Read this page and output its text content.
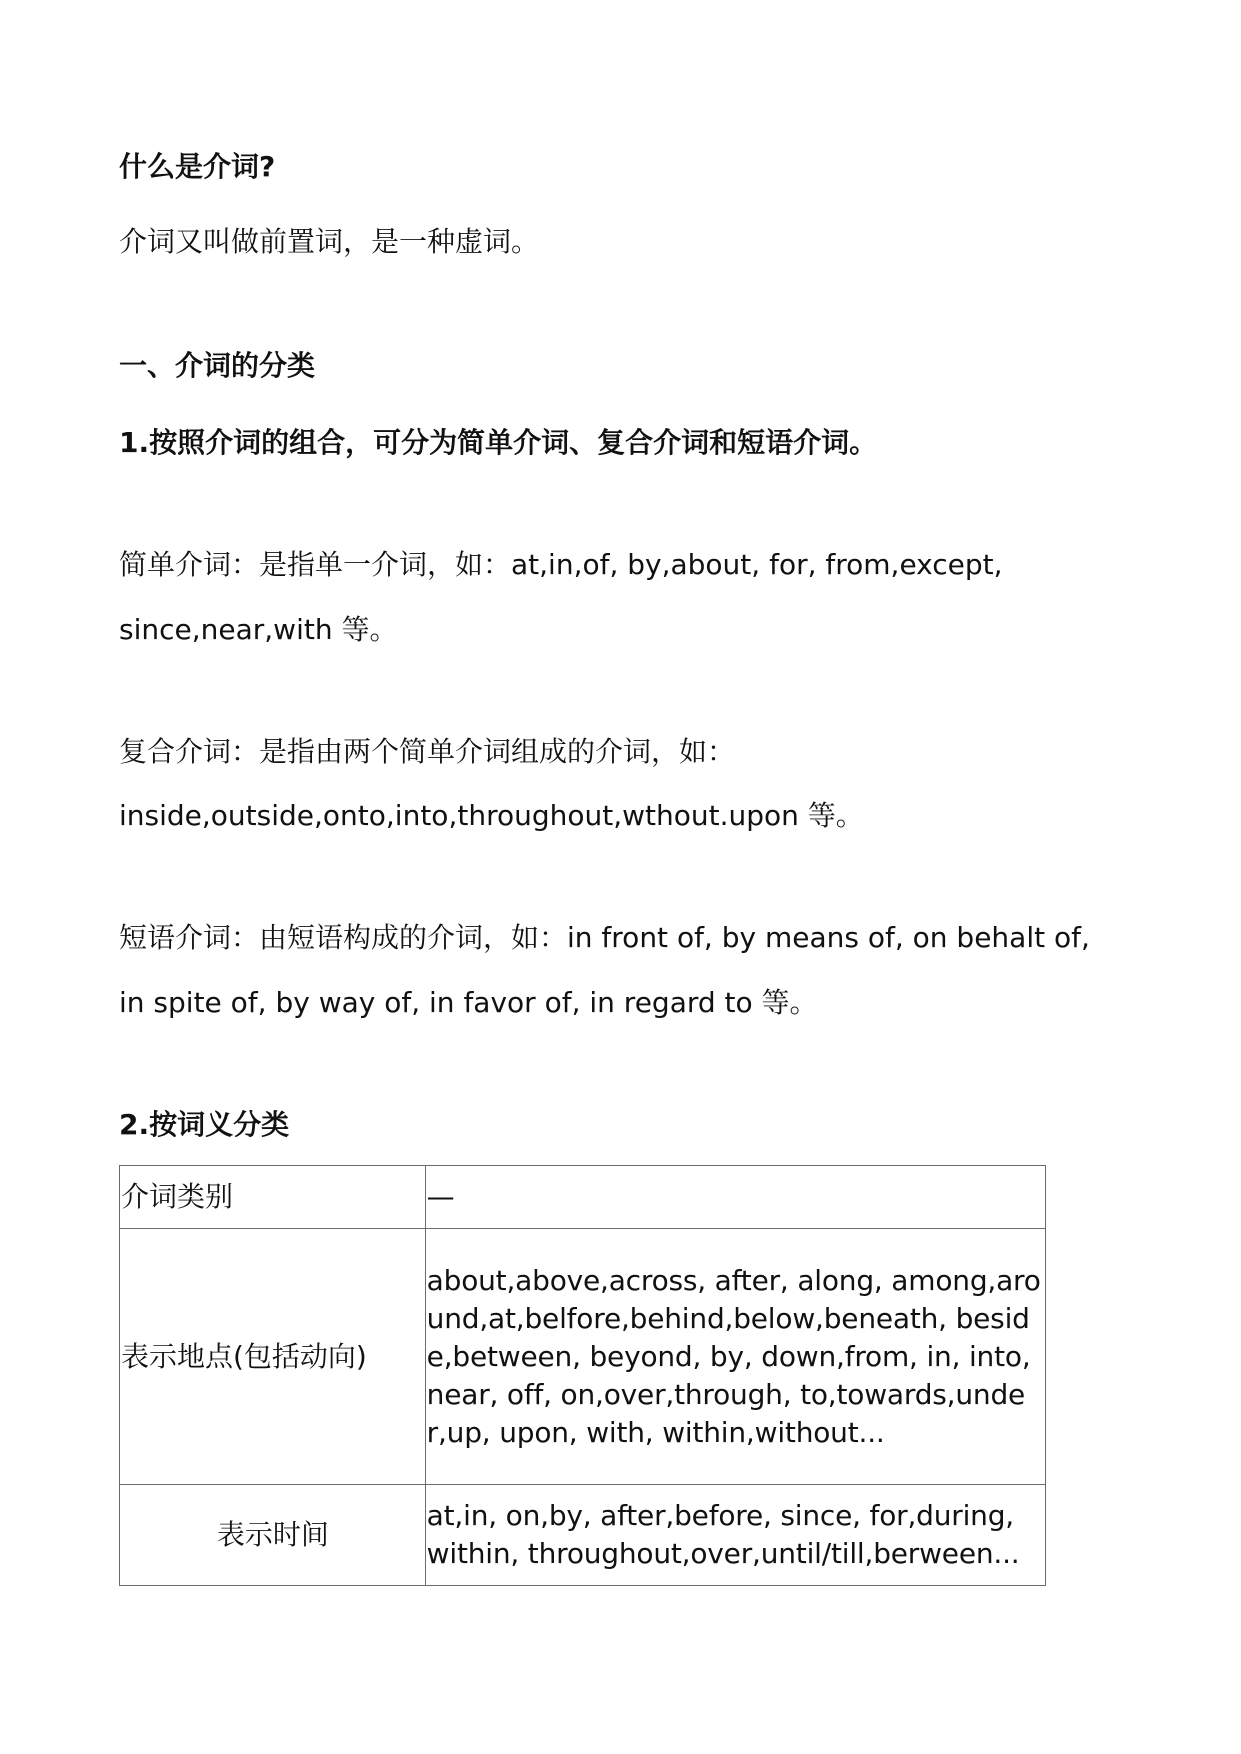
什么是介词?
介词又叫做前置词，是一种虚词。
一、介词的分类
1.按照介词的组合，可分为简单介词、复合介词和短语介词。
简单介词：是指单一介词，如：at,in,of, by,about, for, from,except,
since,near,with 等。
复合介词：是指由两个简单介词组成的介词，如：
inside,outside,onto,into,throughout,wthout.upon 等。
短语介词：由短语构成的介词，如：in front of, by means of, on behalt of,
in spite of, by way of, in favor of, in regard to 等。
2.按词义分类
介词类别	—
表示地点(包括动向)	about,above,across, after, along, among,around,at,belfore,behind,below,beneath, beside,between, beyond, by, down,from, in, into, near, off, on,over,through, to,towards,under,up, upon, with, within,without...
表示时间	at,in, on,by, after,before, since, for,during, within, throughout,over,until/till,berween...
